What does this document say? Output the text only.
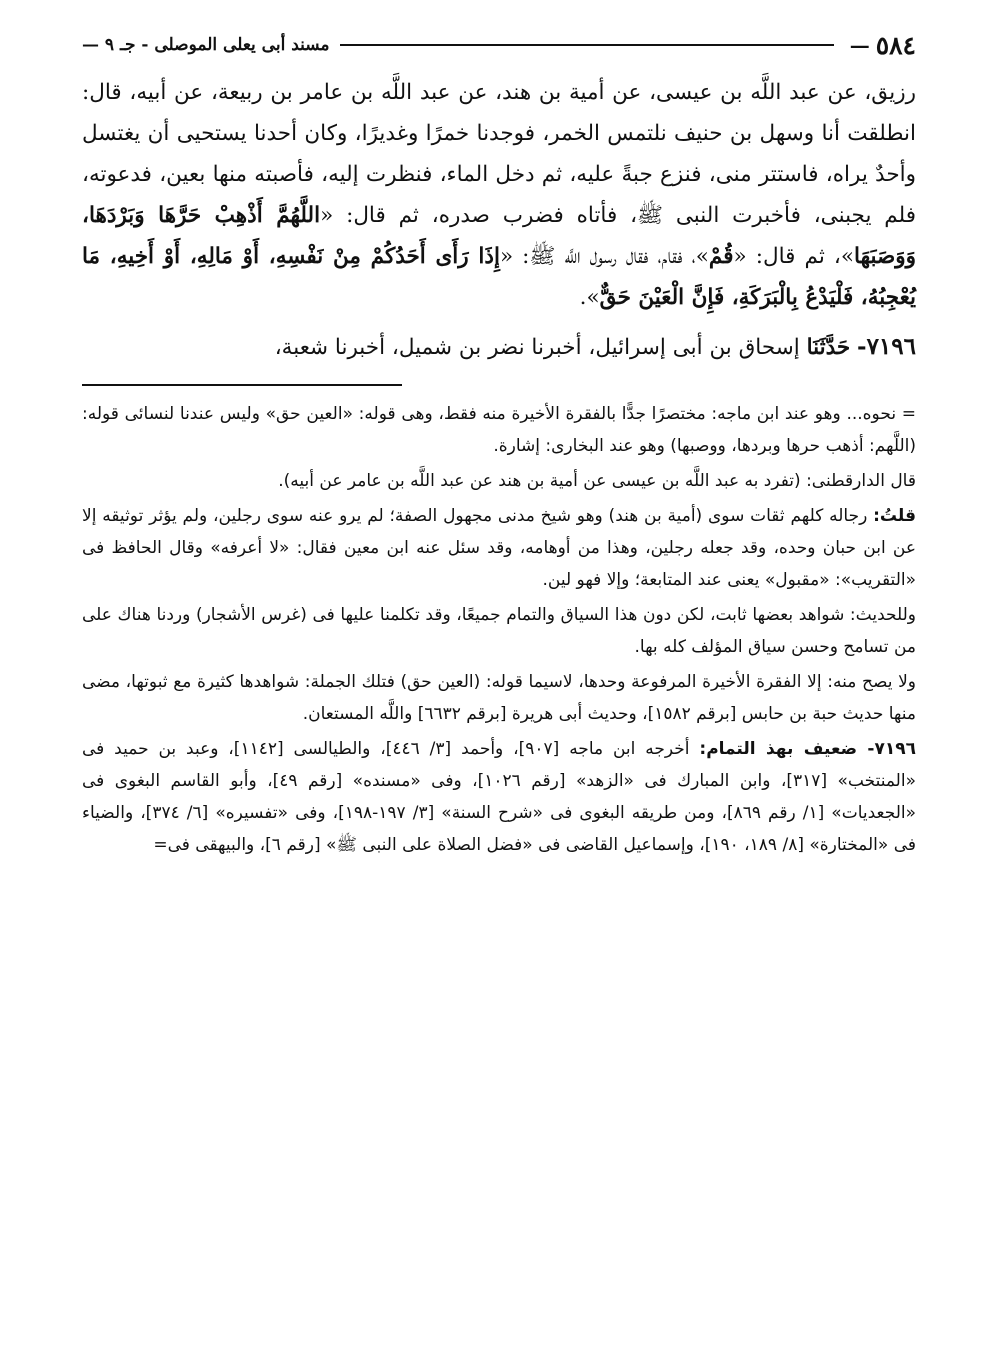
٥٨٤
—
مسند أبى يعلى الموصلى - جـ ٩ —

رزيق، عن عبد اللَّه بن عيسى، عن أمية بن هند، عن عبد اللَّه بن عامر بن ربيعة، عن أبيه، قال: انطلقت أنا وسهل بن حنيف نلتمس الخمر، فوجدنا خمرًا وغديرًا، وكان أحدنا يستحيى أن يغتسل وأحدٌ يراه، فاستتر منى، فنزع جبةً عليه، ثم دخل الماء، فنظرت إليه، فأصبته منها بعين، فدعوته، فلم يجبنى، فأخبرت النبى ﷺ، فأتاه فضرب صدره، ثم قال: «اللَّهُمَّ أَذْهِبْ حَرَّهَا وَبَرْدَهَا، وَوَصَبَهَا»، ثم قال: «قُمْ»، فقام، فقال رسول اللَّه ﷺ: «إِذَا رَأَى أَحَدُكُمْ مِنْ نَفْسِهِ، أَوْ مَالِهِ، أَوْ أَخِيهِ، مَا يُعْجِبُهُ، فَلْيَدْعُ بِالْبَرَكَةِ، فَإِنَّ الْعَيْنَ حَقٌّ».

٧١٩٦- حَدَّثَنَا إسحاق بن أبى إسرائيل، أخبرنا نضر بن شميل، أخبرنا شعبة،

= نحوه... وهو عند ابن ماجه: مختصرًا جدًّا بالفقرة الأخيرة منه فقط، وهى قوله: «العين حق» وليس عندنا لنسائى قوله: (اللَّهم: أذهب حرها وبردها، ووصبها) وهو عند البخارى: إشارة.

قال الدارقطنى: (تفرد به عبد اللَّه بن عيسى عن أمية بن هند عن عبد اللَّه بن عامر عن أبيه).

قلتُ: رجاله كلهم ثقات سوى (أمية بن هند) وهو شيخ مدنى مجهول الصفة؛ لم يرو عنه سوى رجلين، ولم يؤثر توثيقه إلا عن ابن حبان وحده، وقد جعله رجلين، وهذا من أوهامه، وقد سئل عنه ابن معين فقال: «لا أعرفه» وقال الحافظ فى «التقريب»: «مقبول» يعنى عند المتابعة؛ وإلا فهو لين.

وللحديث: شواهد بعضها ثابت، لكن دون هذا السياق والتمام جميعًا، وقد تكلمنا عليها فى (غرس الأشجار) وردنا هناك على من تسامح وحسن سياق المؤلف كله بها.

ولا يصح منه: إلا الفقرة الأخيرة المرفوعة وحدها، لاسيما قوله: (العين حق) فتلك الجملة: شواهدها كثيرة مع ثبوتها، مضى منها حديث حبة بن حابس [برقم ١٥٨٢]، وحديث أبى هريرة [برقم ٦٦٣٢] واللَّه المستعان.

٧١٩٦- ضعيف بهذ التمام: أخرجه ابن ماجه [٩٠٧]، وأحمد [٣/ ٤٤٦]، والطيالسى [١١٤٢]، وعبد بن حميد فى «المنتخب» [٣١٧]، وابن المبارك فى «الزهد» [رقم ١٠٢٦]، وفى «مسنده» [رقم ٤٩]، وأبو القاسم البغوى فى «الجعديات» [١/ رقم ٨٦٩]، ومن طريقه البغوى فى «شرح السنة» [٣/ ١٩٧-١٩٨]، وفى «تفسيره» [٦/ ٣٧٤]، والضياء فى «المختارة» [٨/ ١٨٩، ١٩٠]، وإسماعيل القاضى فى «فضل الصلاة على النبى ﷺ» [رقم ٦]، والبيهقى فى=
